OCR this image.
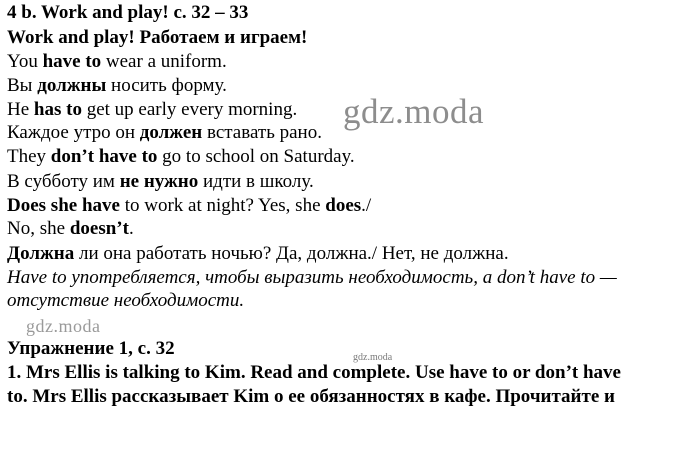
4 b. Work and play! с. 32 – 33
Work and play! Работаем и играем!
You have to wear a uniform.
Вы должны носить форму.
He has to get up early every morning.
Каждое утро он должен вставать рано.
They don’t have to go to school on Saturday.
В субботу им не нужно идти в школу.
Does she have to work at night? Yes, she does./
No, she doesn’t.
Должна ли она работать ночью? Да, должна./ Нет, не должна.
Have to употребляется, чтобы выразить необходимость, а don’t have to —
отсутствие необходимости.
Упражнение 1, с. 32
1. Mrs Ellis is talking to Kim. Read and complete. Use have to or don’t have
to. Mrs Ellis рассказывает Kim о ее обязанностях в кафе. Прочитайте и
gdz.moda
gdz.moda
gdz.moda
